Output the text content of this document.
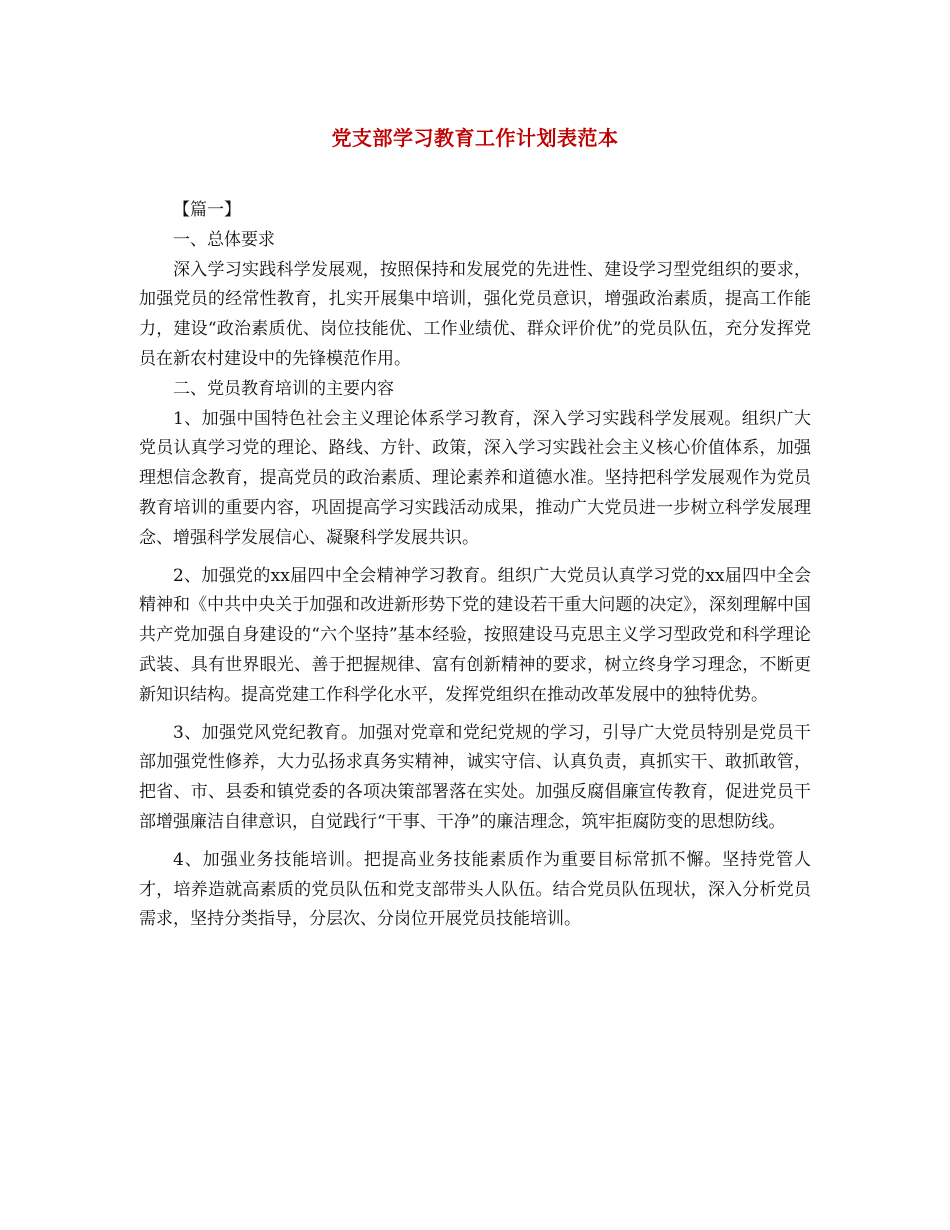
党支部学习教育工作计划表范本

【篇一】

一、总体要求

深入学习实践科学发展观，按照保持和发展党的先进性、建设学习型党组织的要求，加强党员的经常性教育，扎实开展集中培训，强化党员意识，增强政治素质，提高工作能力，建设“政治素质优、岗位技能优、工作业绩优、群众评价优”的党员队伍，充分发挥党员在新农村建设中的先锋模范作用。

二、党员教育培训的主要内容

1、加强中国特色社会主义理论体系学习教育，深入学习实践科学发展观。组织广大党员认真学习党的理论、路线、方针、政策，深入学习实践社会主义核心价值体系，加强理想信念教育，提高党员的政治素质、理论素养和道德水准。坚持把科学发展观作为党员教育培训的重要内容，巩固提高学习实践活动成果，推动广大党员进一步树立科学发展理念、增强科学发展信心、凝聚科学发展共识。

2、加强党的xx届四中全会精神学习教育。组织广大党员认真学习党的xx届四中全会精神和《中共中央关于加强和改进新形势下党的建设若干重大问题的决定》，深刻理解中国共产党加强自身建设的“六个坚持”基本经验，按照建设马克思主义学习型政党和科学理论武装、具有世界眼光、善于把握规律、富有创新精神的要求，树立终身学习理念，不断更新知识结构。提高党建工作科学化水平，发挥党组织在推动改革发展中的独特优势。

3、加强党风党纪教育。加强对党章和党纪党规的学习，引导广大党员特别是党员干部加强党性修养，大力弘扬求真务实精神，诚实守信、认真负责，真抓实干、敢抓敢管，把省、市、县委和镇党委的各项决策部署落在实处。加强反腐倡廉宣传教育，促进党员干部增强廉洁自律意识，自觉践行“干事、干净”的廉洁理念，筑牢拒腐防变的思想防线。

4、加强业务技能培训。把提高业务技能素质作为重要目标常抓不懈。坚持党管人才，培养造就高素质的党员队伍和党支部带头人队伍。结合党员队伍现状，深入分析党员需求，坚持分类指导，分层次、分岗位开展党员技能培训。
